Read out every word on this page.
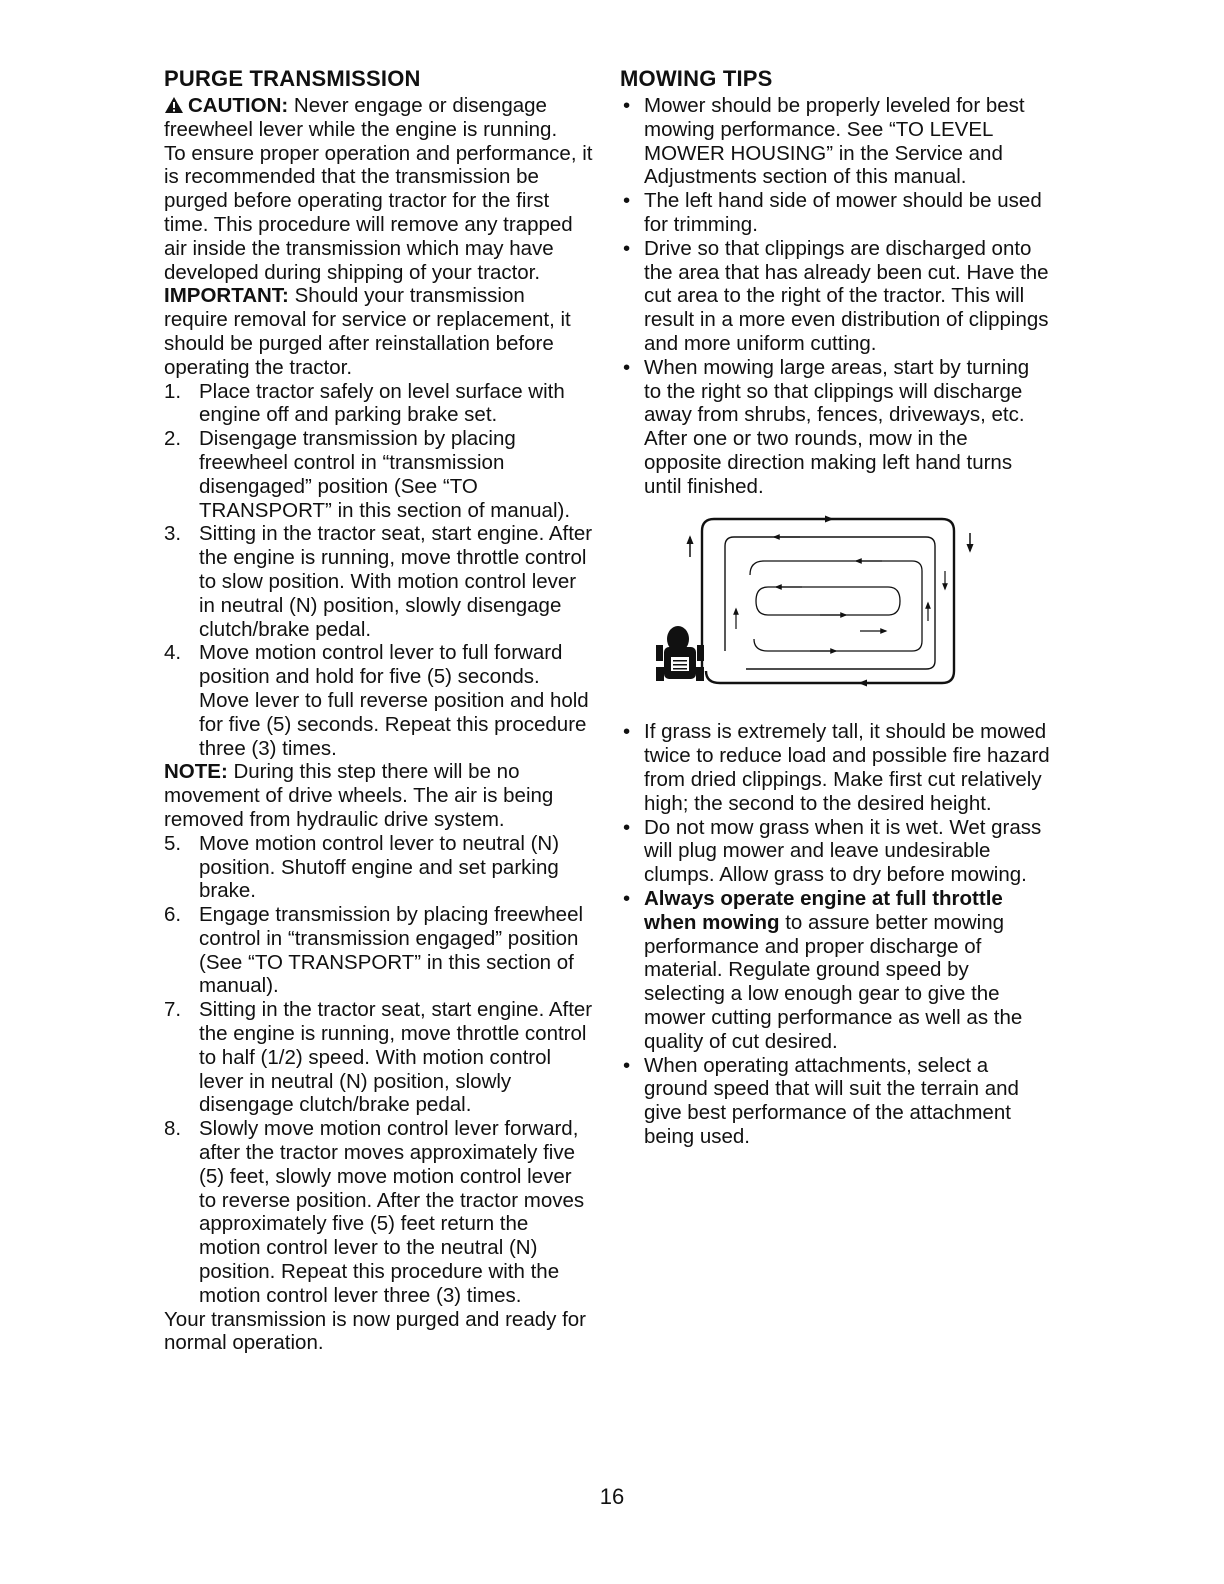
PURGE TRANSMISSION

CAUTION: Never engage or disengage freewheel lever while the engine is running.

To ensure proper operation and performance, it is recommended that the transmission be purged before operating tractor for the first time. This procedure will remove any trapped air inside the transmission which may have developed during shipping of your tractor.

IMPORTANT: Should your transmission require removal for service or replacement, it should be purged after reinstallation before operating the tractor.

1. Place tractor safely on level surface with engine off and parking brake set.
2. Disengage transmission by placing freewheel control in “transmission disengaged” position (See “TO TRANSPORT” in this section of manual).
3. Sitting in the tractor seat, start engine. After the engine is running, move throttle control to slow position. With motion control lever in neutral (N) position, slowly disengage clutch/brake pedal.
4. Move motion control lever to full forward position and hold for five (5) seconds. Move lever to full reverse position and hold for five (5) seconds. Repeat this procedure three (3) times.

NOTE: During this step there will be no movement of drive wheels. The air is being removed from hydraulic drive system.

5. Move motion control lever to neutral (N) position. Shutoff engine and set parking brake.
6. Engage transmission by placing freewheel control in “transmission engaged” position (See “TO TRANSPORT” in this section of manual).
7. Sitting in the tractor seat, start engine. After the engine is running, move throttle control to half (1/2) speed. With motion control lever in neutral (N) position, slowly disengage clutch/brake pedal.
8. Slowly move motion control lever forward, after the tractor moves approximately five (5) feet, slowly move motion control lever to reverse position. After the tractor moves approximately five (5) feet return the motion control lever to the neutral (N) position. Repeat this procedure with the motion control lever three (3) times.

Your transmission is now purged and ready for normal operation.

MOWING TIPS
• Mower should be properly leveled for best mowing performance. See “TO LEVEL MOWER HOUSING” in the Service and Adjustments section of this manual.
• The left hand side of mower should be used for trimming.
• Drive so that clippings are discharged onto the area that has already been cut. Have the cut area to the right of the tractor. This will result in a more even distribution of clippings and more uniform cutting.
• When mowing large areas, start by turning to the right so that clippings will discharge away from shrubs, fences, driveways, etc. After one or two rounds, mow in the opposite direction making left hand turns until finished.
• If grass is extremely tall, it should be mowed twice to reduce load and possible fire hazard from dried clippings. Make first cut relatively high; the second to the desired height.
• Do not mow grass when it is wet. Wet grass will plug mower and leave undesirable clumps. Allow grass to dry before mowing.
• Always operate engine at full throttle when mowing to assure better mowing performance and proper discharge of material. Regulate ground speed by selecting a low enough gear to give the mower cutting performance as well as the quality of cut desired.
• When operating attachments, select a ground speed that will suit the terrain and give best performance of the attachment being used.
16
